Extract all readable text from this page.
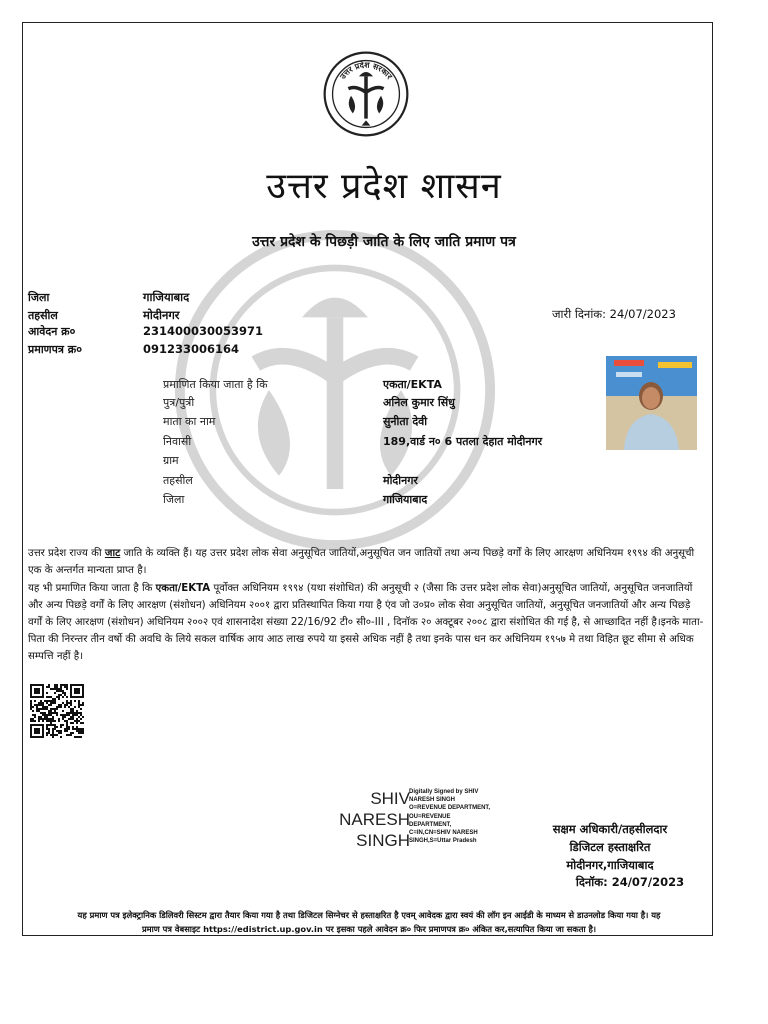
उत्तर प्रदेश सरकार
उत्तर प्रदेश शासन
उत्तर प्रदेश के पिछड़ी जाति के लिए जाति प्रमाण पत्र
जिला	गाजियाबाद
तहसील	मोदीनगर
आवेदन क्र०	231400030053971
प्रमाणपत्र क्र०	091233006164
जारी दिनांक: 24/07/2023
प्रमाणित किया जाता है कि	एकता/EKTA
पुत्र/पुत्री	अनिल कुमार सिंधु
माता का नाम	सुनीता देवी
निवासी	189,वार्ड न० 6 पतला देहात मोदीनगर
ग्राम
तहसील	मोदीनगर
जिला	गाजियाबाद
उत्तर प्रदेश राज्य की जाट जाति के व्यक्ति हैं। यह उत्तर प्रदेश लोक सेवा अनुसूचित जातियों,अनुसूचित जन जातियों तथा अन्य पिछड़े वर्गों के लिए आरक्षण अधिनियम १९९४ की अनुसूची एक के अन्तर्गत मान्यता प्राप्त है।
यह भी प्रमाणित किया जाता है कि एकता/EKTA पूर्वोक्त अधिनियम १९९४ (यथा संशोधित) की अनुसूची २ (जैसा कि उत्तर प्रदेश लोक सेवा)अनुसूचित जातियों, अनुसूचित जनजातियों और अन्य पिछड़े वर्गों के लिए आरक्षण (संशोधन) अधिनियम २००१ द्वारा प्रतिस्थापित किया गया है एंव जो उ०प्र० लोक सेवा अनुसूचित जातियों, अनुसूचित जनजातियों और अन्य पिछड़े वर्गों के लिए आरक्षण (संशोधन) अधिनियम २००२ एवं शासनादेश संख्या 22/16/92 टी० सी०-III , दिनॉक २० अक्टूबर २००८ द्वारा संशोधित की गई है, से आच्छादित नहीं है।इनके माता-पिता की निरन्तर तीन वर्षो की अवधि के लिये सकल वार्षिक आय आठ लाख रुपये या इससे अधिक नहीं है तथा इनके पास धन कर अधिनियम १९५७ मे तथा विहित छूट सीमा से अधिक सम्पत्ति नहीं है।
SHIV
NARESH
SINGH
Digitally Signed by SHIV
NARESH SINGH
O=REVENUE DEPARTMENT,
OU=REVENUE
DEPARTMENT,
C=IN,CN=SHIV NARESH
SINGH,S=Uttar Pradesh
सक्षम अधिकारी/तहसीलदार
डिजिटल हस्ताक्षरित
मोदीनगर,गाजियाबाद
दिनॉक: 24/07/2023
यह प्रमाण पत्र इलेक्ट्रानिक डिलिवरी सिस्टम द्वारा तैयार किया गया है तथा डिजिटल सिग्नेचर से हस्ताक्षरित है एवम् आवेदक द्वारा स्वयं की लॉग इन आईडी के माध्यम से डाउनलोड किया गया है। यह
प्रमाण पत्र वेबसाइट https://edistrict.up.gov.in पर इसका पहले आवेदन क्र० फिर प्रमाणपत्र क्र० अंकित कर,सत्यापित किया जा सकता है।
